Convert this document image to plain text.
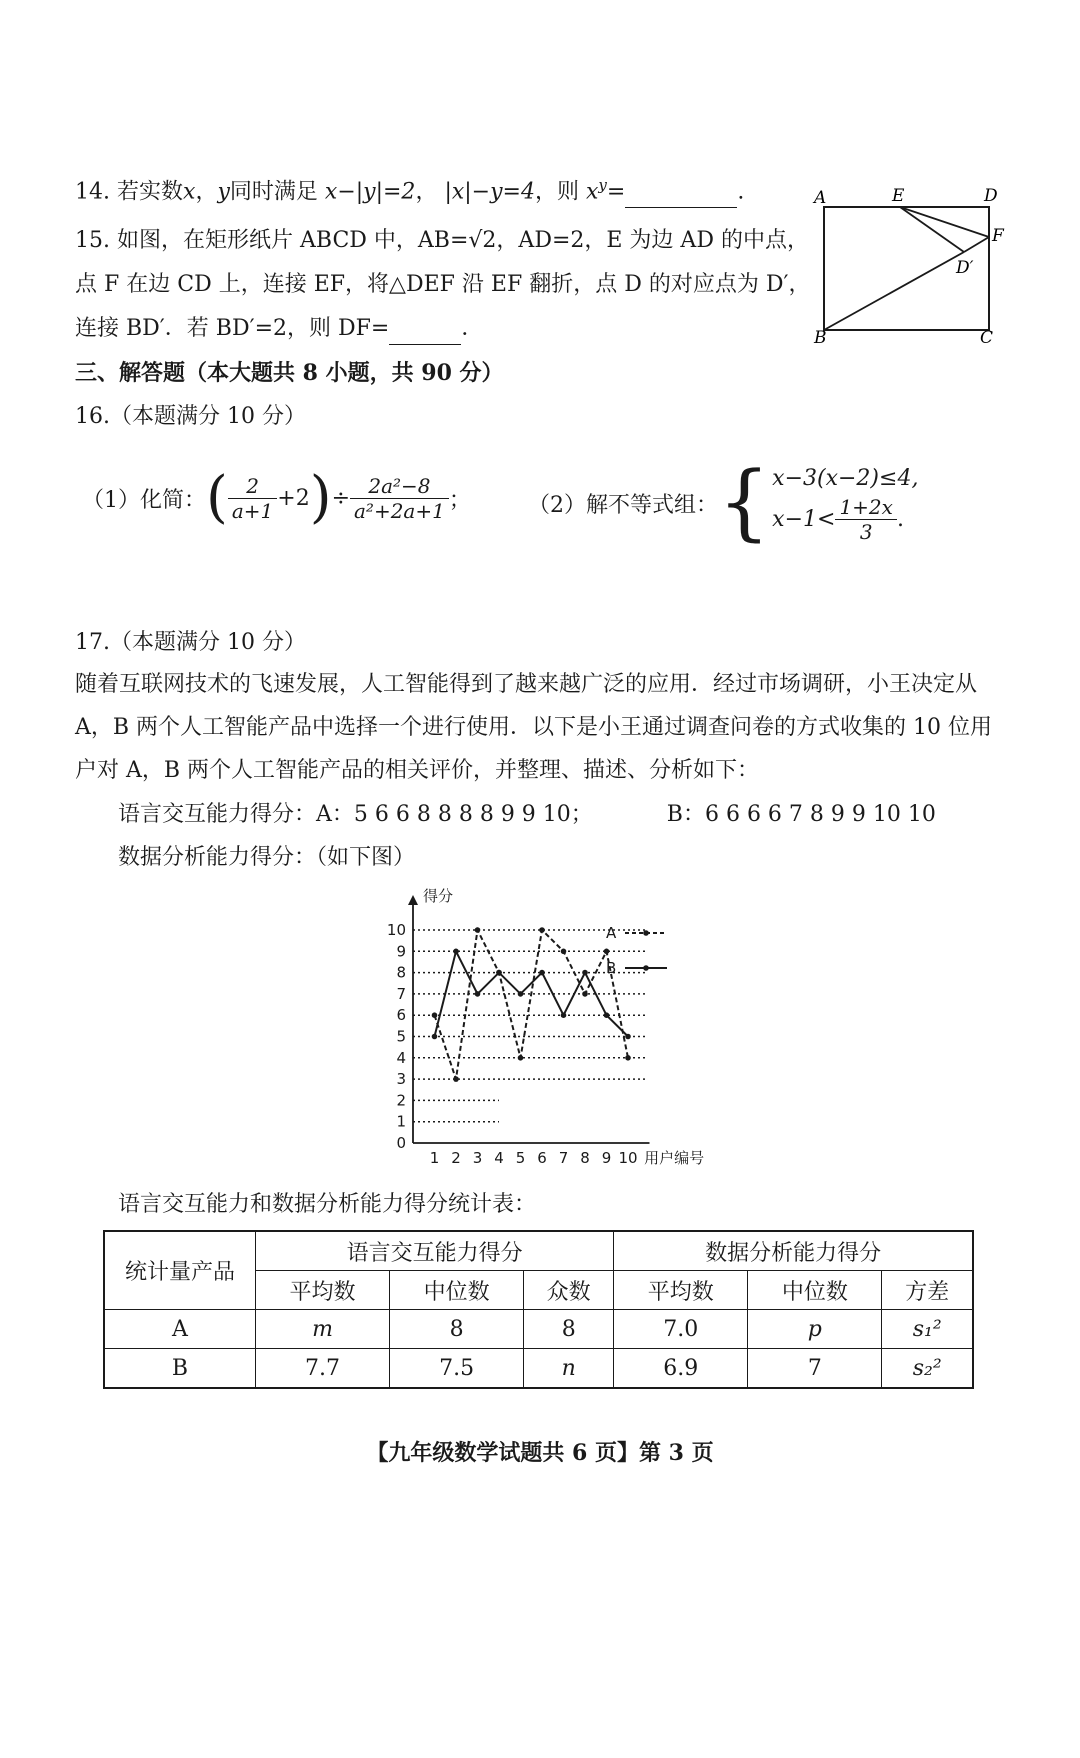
14. 若实数x，y同时满足 x−|y|=2， |x|−y=4，则 $x^y=$	.
15. 如图，在矩形纸片 ABCD 中，AB=√2，AD=2，E 为边 AD 的中点，
点 F 在边 CD 上，连接 EF，将△DEF 沿 EF 翻折，点 D 的对应点为 D′，
连接 BD′．若 BD′=2，则 DF=	．
A	E	D
F
D′
B	C
三、解答题（本大题共 8 小题，共 90 分）
16.（本题满分 10 分）
（1）化简： ( $\frac{2}{a+1} +2$ ) ÷ $\frac{\text{2a²−8}}{\text{a²+2a+1}}$ ；	（2）解不等式组： { x−3(x−2)≤4,
$x-1< \frac{1+2x}{3}$ .
17.（本题满分 10 分）
随着互联网技术的飞速发展，人工智能得到了越来越广泛的应用．经过市场调研，小王决定从
A，B 两个人工智能产品中选择一个进行使用．以下是小王通过调查问卷的方式收集的 10 位用
户对 A，B 两个人工智能产品的相关评价，并整理、描述、分析如下：
语言交互能力得分：A：5 6 6 8 8 8 8 9 9 10；	B：6 6 6 6 7 8 9 9 10 10
数据分析能力得分：（如下图）
0
1
2
3
4
5
6
7
8
9
10
1 2 3 4 5 6 7 8 9 10
得分
用户编号
A
B
语言交互能力和数据分析能力得分统计表：
统计量产品	语言交互能力得分			数据分析能力得分		
	平均数	中位数	众数	平均数	中位数	方差
A	m	8	8	7.0	p	s₁²
B	7.7	7.5	n	6.9	7	s₂²
【九年级数学试题共 6 页】第 3 页
